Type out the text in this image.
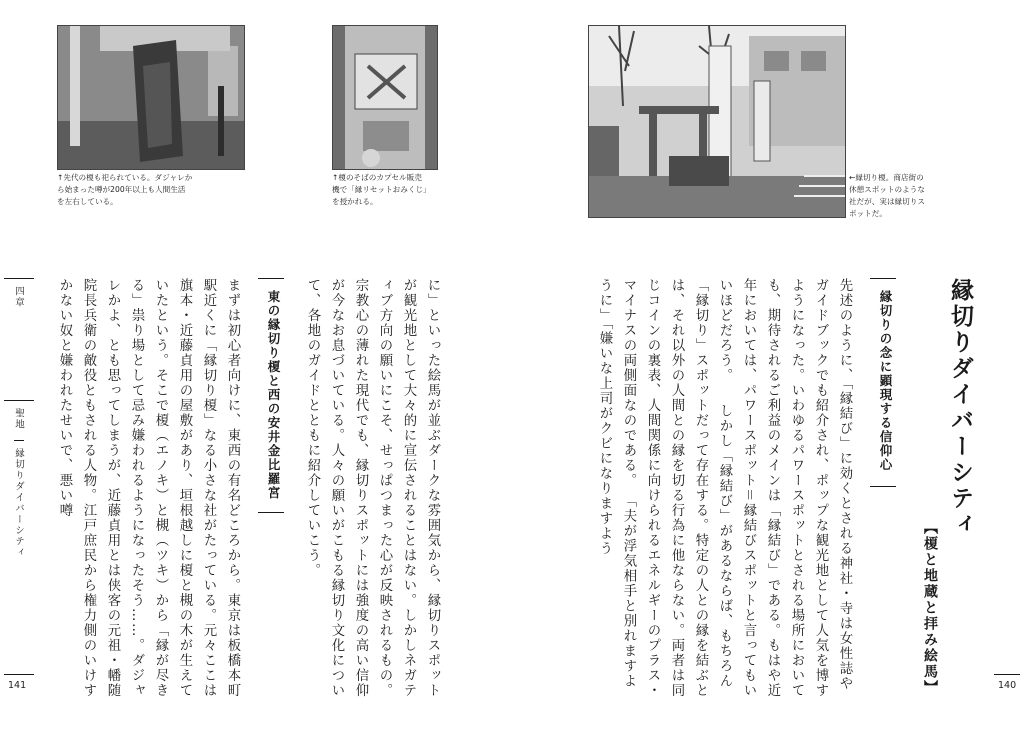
↑先代の榎も祀られている。ダジャレか
ら始まった噂が200年以上も人間生活
を左右している。
↑榎のそばのカプセル販売
機で「縁リセットおみくじ」
を授かれる。
四章
聖地
縁切りダイバーシティ
141	まずは初心者向けに、東西の有名どころから。東京は板橋本町駅近くに「縁切り榎」なる小さな社がたっている。元々ここは旗本・近藤貞用の屋敷があり、垣根越しに榎と槻の木が生えていたという。そこで榎（エノキ）と槻（ツキ）から「縁が尽きる」祟り場として忌み嫌われるようになったそう……。ダジャレかよ、とも思ってしまうが、近藤貞用とは侠客の元祖・幡随院長兵衛の敵役ともされる人物。江戸庶民から権力側のいけすかない奴と嫌われたせいで、悪い噂	東の縁切り榎と西の安井金比羅宮	に」といった絵馬が並ぶダークな雰囲気から、縁切りスポットが観光地として大々的に宣伝されることはない。しかしネガティブ方向の願いにこそ、せっぱつまった心が反映されるもの。宗教心の薄れた現代でも、縁切りスポットには強度の高い信仰が今なお息づいている。人々の願いがこもる縁切り文化について、各地のガイドとともに紹介していこう。
←縁切り榎。商店街の
休憩スポットのような
社だが、実は縁切りス
ポットだ。
先述のように、「縁結び」に効くとされる神社・寺は女性誌やガイドブックでも紹介され、ポップな観光地として人気を博すようになった。いわゆるパワースポットとされる場所においても、期待されるご利益のメインは「縁結び」である。もはや近年においては、パワースポット＝縁結びスポットと言ってもいいほどだろう。 　しかし「縁結び」があるならば、もちろん「縁切り」スポットだって存在する。特定の人との縁を結ぶとは、それ以外の人間との縁を切る行為に他ならない。両者は同じコインの裏表、人間関係に向けられるエネルギーのプラス・マイナスの両側面なのである。 「夫が浮気相手と別れますように」「嫌いな上司がクビになりますよう	縁切りの念に顕現する信仰心
【榎と地蔵と拝み絵馬】
縁切りダイバーシティ
140
